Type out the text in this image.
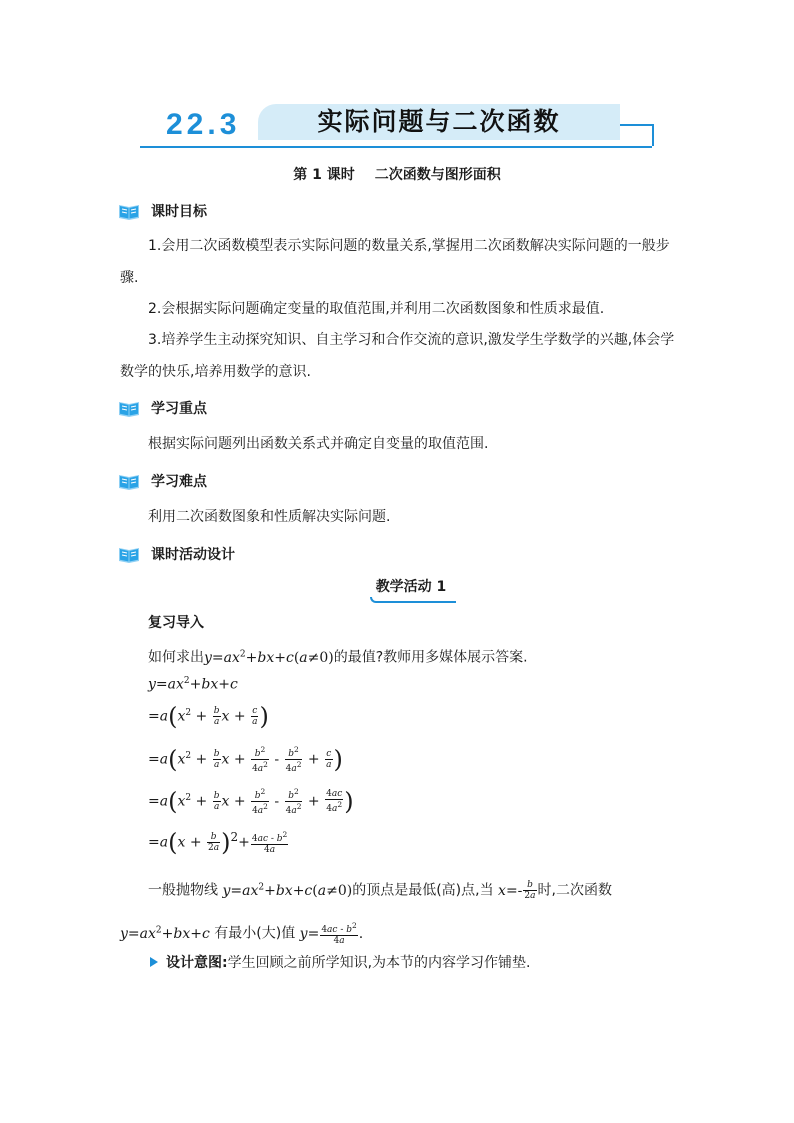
22.3	实际问题与二次函数
第 1 课时 二次函数与图形面积
课时目标
1.会用二次函数模型表示实际问题的数量关系,掌握用二次函数解决实际问题的一般步骤.
2.会根据实际问题确定变量的取值范围,并利用二次函数图象和性质求最值.
3.培养学生主动探究知识、自主学习和合作交流的意识,激发学生学数学的兴趣,体会学数学的快乐,培养用数学的意识.
学习重点
根据实际问题列出函数关系式并确定自变量的取值范围.
学习难点
利用二次函数图象和性质解决实际问题.
课时活动设计
教学活动 1
复习导入
如何求出$y=ax^2+bx+c(a\ne 0)$的最值?教师用多媒体展示答案.
$y=ax^2+bx+c$
$=a(x^2 + \frac{b}{a}$ $x + \frac{c}{a}$ )
$=a(x^2 + \frac{b}{a}$ $x + \frac{b^2}{4a^2} - \frac{b^2}{4a^2} + \frac{c}{a}$ )
$=a(x^2 + \frac{b}{a}$ $x + \frac{b^2}{4a^2} - \frac{b^2}{4a^2} + \frac{4ac}{4a^2}$ )
$=a(x + \frac{b}{2a} )2+ \frac{4ac - b^2}{4a}$
一般抛物线 $y=ax^2+bx+c(a\ne 0)$的顶点是最低(高)点,当 $x=- \frac{b}{2a}$ 时,二次函数
$y=ax^2+bx+c$ 有最小(大)值 $y= \frac{4ac - b^2}{4a}$ .
设计意图: 学生回顾之前所学知识,为本节的内容学习作铺垫.
